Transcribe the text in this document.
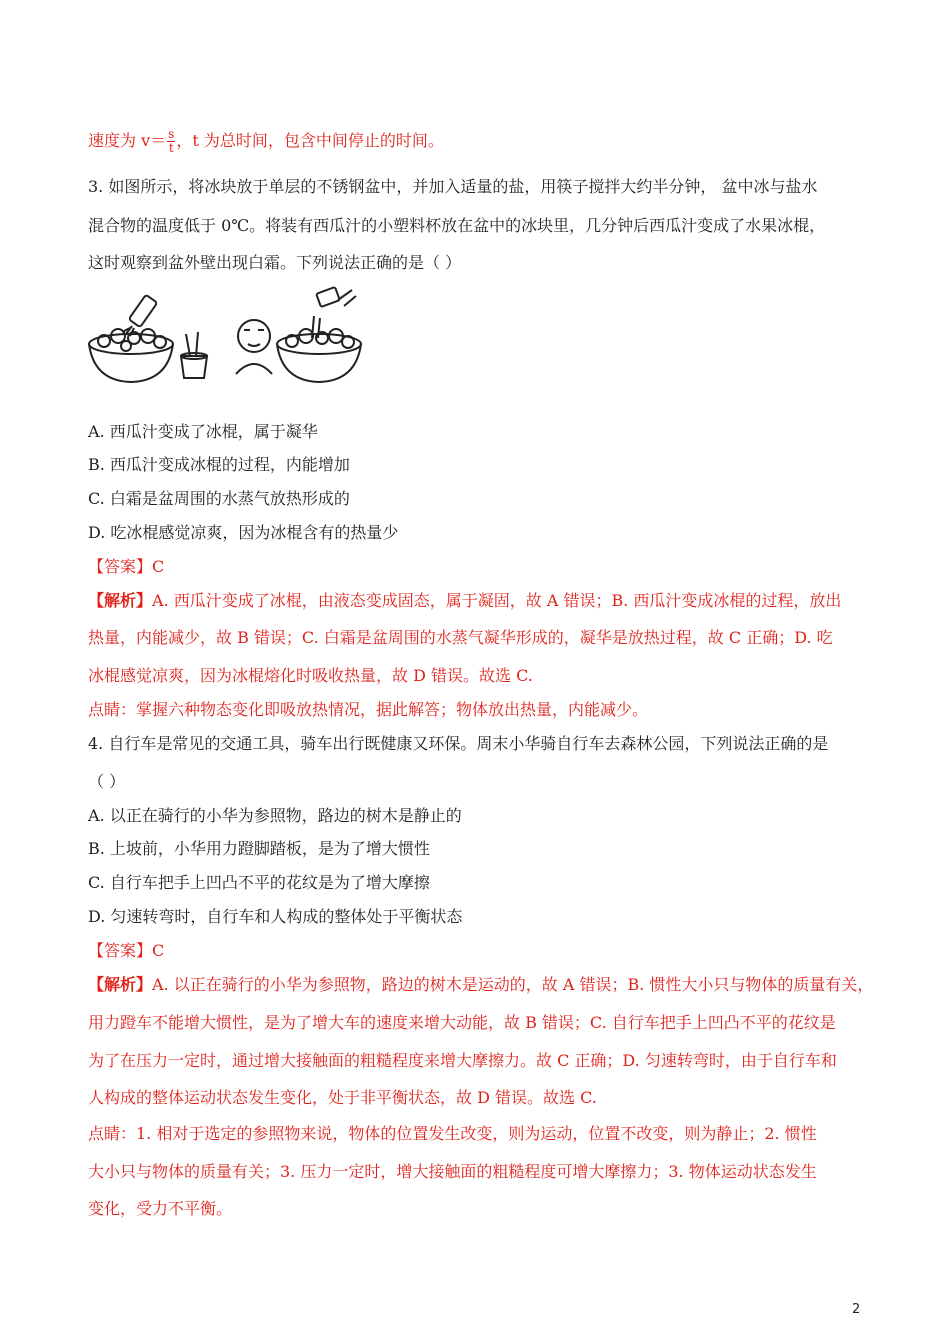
速度为 $v= \frac{s}{t}$ ，t 为总时间，包含中间停止的时间。
3. 如图所示，将冰块放于单层的不锈钢盆中，并加入适量的盐，用筷子搅拌大约半分钟， 盆中冰与盐水
混合物的温度低于 0℃。将装有西瓜汁的小塑料杯放在盆中的冰块里，几分钟后西瓜汁变成了水果冰棍，
这时观察到盆外壁出现白霜。下列说法正确的是（ ）
A. 西瓜汁变成了冰棍，属于凝华
B. 西瓜汁变成冰棍的过程，内能增加
C. 白霜是盆周围的水蒸气放热形成的
D. 吃冰棍感觉凉爽，因为冰棍含有的热量少
【答案】C
【解析】A. 西瓜汁变成了冰棍，由液态变成固态，属于凝固，故 A 错误；B. 西瓜汁变成冰棍的过程，放出
热量，内能减少，故 B 错误；C. 白霜是盆周围的水蒸气凝华形成的，凝华是放热过程，故 C 正确；D. 吃
冰棍感觉凉爽，因为冰棍熔化时吸收热量，故 D 错误。故选 C.
点睛：掌握六种物态变化即吸放热情况，据此解答；物体放出热量，内能减少。
4. 自行车是常见的交通工具，骑车出行既健康又环保。周末小华骑自行车去森林公园，下列说法正确的是
（ ）
A. 以正在骑行的小华为参照物，路边的树木是静止的
B. 上坡前，小华用力蹬脚踏板，是为了增大惯性
C. 自行车把手上凹凸不平的花纹是为了增大摩擦
D. 匀速转弯时，自行车和人构成的整体处于平衡状态
【答案】C
【解析】A. 以正在骑行的小华为参照物，路边的树木是运动的，故 A 错误；B. 惯性大小只与物体的质量有关，
用力蹬车不能增大惯性，是为了增大车的速度来增大动能，故 B 错误；C. 自行车把手上凹凸不平的花纹是
为了在压力一定时，通过增大接触面的粗糙程度来增大摩擦力。故 C 正确；D. 匀速转弯时，由于自行车和
人构成的整体运动状态发生变化，处于非平衡状态，故 D 错误。故选 C.
点睛：1. 相对于选定的参照物来说，物体的位置发生改变，则为运动，位置不改变，则为静止；2. 惯性
大小只与物体的质量有关；3. 压力一定时，增大接触面的粗糙程度可增大摩擦力；3. 物体运动状态发生
变化，受力不平衡。
2
